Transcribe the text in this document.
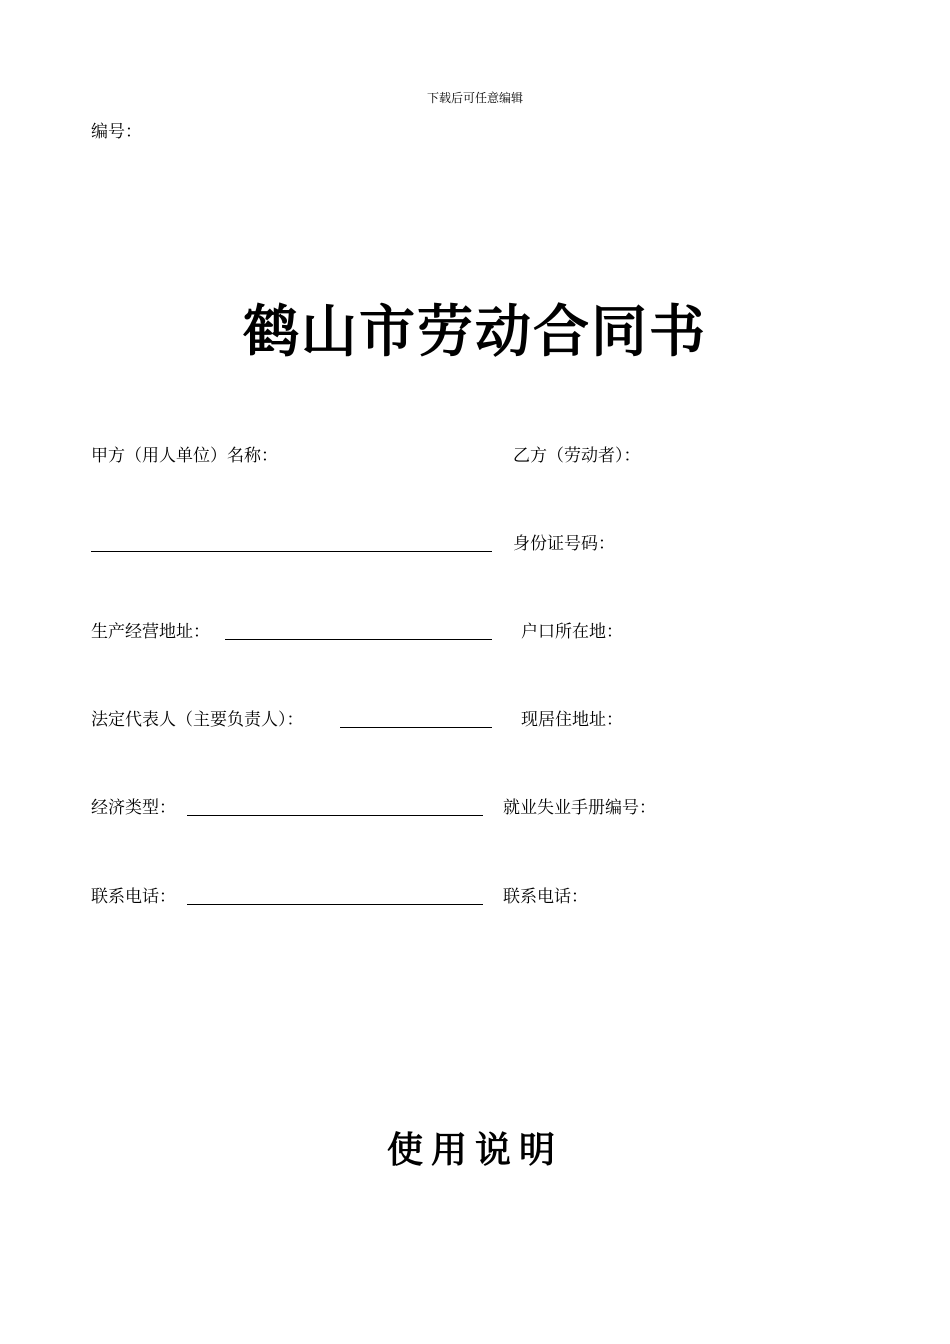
下载后可任意编辑
编号：
鹤山市劳动合同书
甲方（用人单位）名称：
生产经营地址：
法定代表人（主要负责人）：
经济类型：
联系电话：
乙方（劳动者）：
身份证号码：
户口所在地：
现居住地址：
就业失业手册编号：
联系电话：
使用说明
